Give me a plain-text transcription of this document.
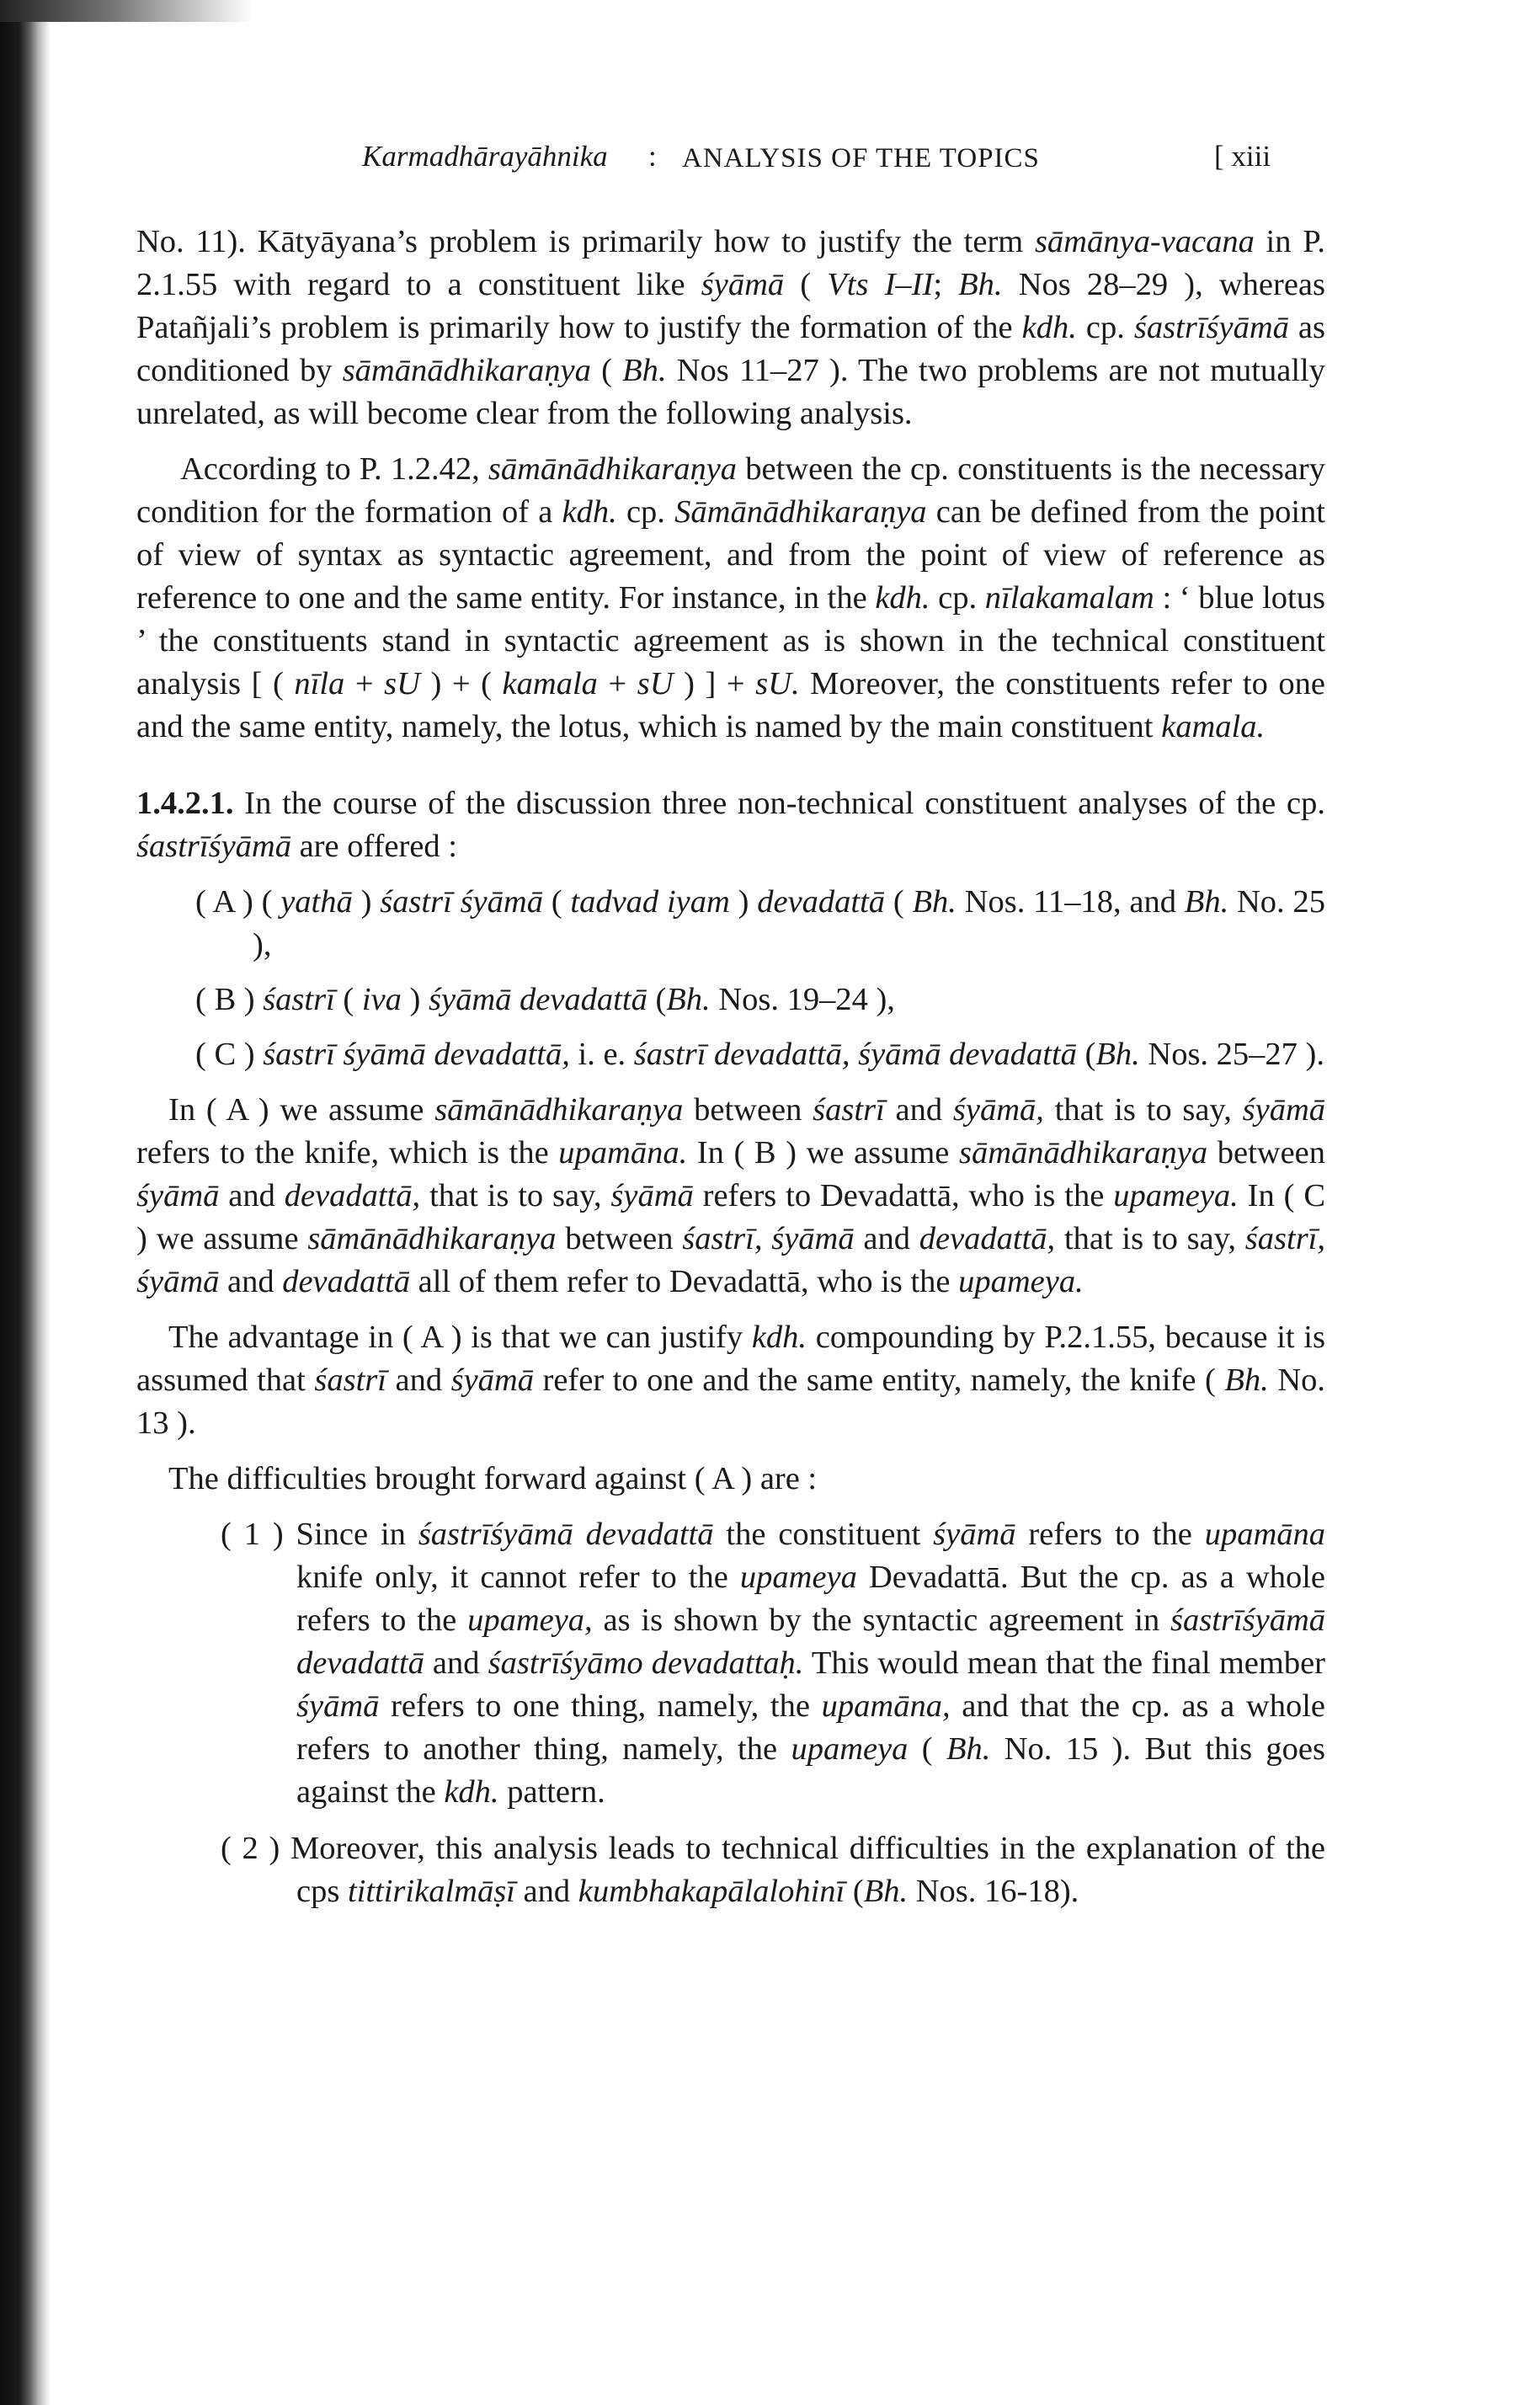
Karmadhārayāhnika : ANALYSIS OF THE TOPICS	[ xiii

No. 11). Kātyāyana’s problem is primarily how to justify the term sāmānya-vacana in P. 2.1.55 with regard to a constituent like śyāmā ( Vts I–II; Bh. Nos 28–29 ), whereas Patañjali’s problem is primarily how to justify the formation of the kdh. cp. śastrīśyāmā as conditioned by sāmānādhikaraṇya ( Bh. Nos 11–27 ). The two problems are not mutually unrelated, as will become clear from the following analysis.

According to P. 1.2.42, sāmānādhikaraṇya between the cp. constituents is the necessary condition for the formation of a kdh. cp. Sāmānādhikaraṇya can be defined from the point of view of syntax as syntactic agreement, and from the point of view of reference as reference to one and the same entity. For instance, in the kdh. cp. nīlakamalam : ‘ blue lotus ’ the constituents stand in syntactic agreement as is shown in the technical constituent analysis [ ( nīla + sU ) + ( kamala + sU ) ] + sU. Moreover, the constituents refer to one and the same entity, namely, the lotus, which is named by the main constituent kamala.

1.4.2.1. In the course of the discussion three non-technical constituent analyses of the cp. śastrīśyāmā are offered :

( A ) ( yathā ) śastrī śyāmā ( tadvad iyam ) devadattā ( Bh. Nos. 11–18, and Bh. No. 25 ),

( B ) śastrī ( iva ) śyāmā devadattā (Bh. Nos. 19–24 ),

( C ) śastrī śyāmā devadattā, i. e. śastrī devadattā, śyāmā devadattā (Bh. Nos. 25–27 ).

In ( A ) we assume sāmānādhikaraṇya between śastrī and śyāmā, that is to say, śyāmā refers to the knife, which is the upamāna. In ( B ) we assume sāmānādhikaraṇya between śyāmā and devadattā, that is to say, śyāmā refers to Devadattā, who is the upameya. In ( C ) we assume sāmānādhikaraṇya between śastrī, śyāmā and devadattā, that is to say, śastrī, śyāmā and devadattā all of them refer to Devadattā, who is the upameya.

The advantage in ( A ) is that we can justify kdh. compounding by P.2.1.55, because it is assumed that śastrī and śyāmā refer to one and the same entity, namely, the knife ( Bh. No. 13 ).

The difficulties brought forward against ( A ) are :

( 1 ) Since in śastrīśyāmā devadattā the constituent śyāmā refers to the upamāna knife only, it cannot refer to the upameya Devadattā. But the cp. as a whole refers to the upameya, as is shown by the syntactic agreement in śastrīśyāmā devadattā and śastrīśyāmo devadattaḥ. This would mean that the final member śyāmā refers to one thing, namely, the upamāna, and that the cp. as a whole refers to another thing, namely, the upameya ( Bh. No. 15 ). But this goes against the kdh. pattern.

( 2 ) Moreover, this analysis leads to technical difficulties in the explanation of the cps tittirikalmāṣī and kumbhakapālalohinī (Bh. Nos. 16-18).
